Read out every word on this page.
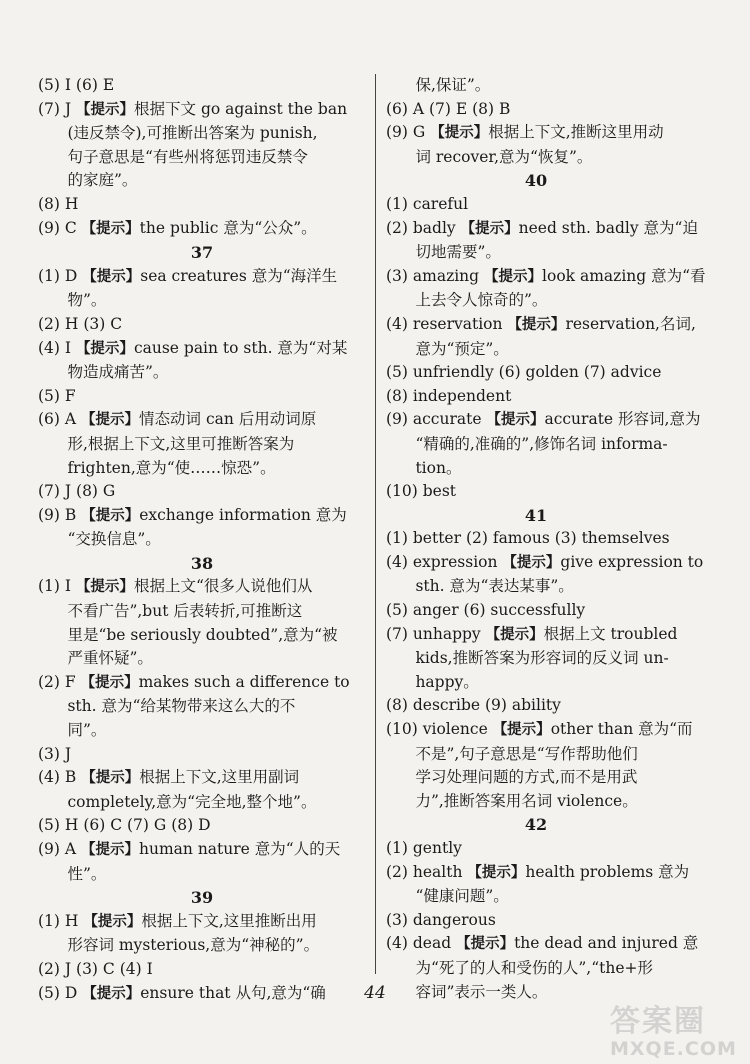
(5) I (6) E
(7) J 【提示】根据下文 go against the ban
(违反禁令),可推断出答案为 punish,
句子意思是“有些州将惩罚违反禁令
的家庭”。
(8) H
(9) C 【提示】the public 意为“公众”。
37
(1) D 【提示】sea creatures 意为“海洋生
物”。
(2) H (3) C
(4) I 【提示】cause pain to sth. 意为“对某
物造成痛苦”。
(5) F
(6) A 【提示】情态动词 can 后用动词原
形,根据上下文,这里可推断答案为
frighten,意为“使……惊恐”。
(7) J (8) G
(9) B 【提示】exchange information 意为
“交换信息”。
38
(1) I 【提示】根据上文“很多人说他们从
不看广告”,but 后表转折,可推断这
里是“be seriously doubted”,意为“被
严重怀疑”。
(2) F 【提示】makes such a difference to
sth. 意为“给某物带来这么大的不
同”。
(3) J
(4) B 【提示】根据上下文,这里用副词
completely,意为“完全地,整个地”。
(5) H (6) C (7) G (8) D
(9) A 【提示】human nature 意为“人的天
性”。
39
(1) H 【提示】根据上下文,这里推断出用
形容词 mysterious,意为“神秘的”。
(2) J (3) C (4) I
(5) D 【提示】ensure that 从句,意为“确
保,保证”。
(6) A (7) E (8) B
(9) G 【提示】根据上下文,推断这里用动
词 recover,意为“恢复”。
40
(1) careful
(2) badly 【提示】need sth. badly 意为“迫
切地需要”。
(3) amazing 【提示】look amazing 意为“看
上去令人惊奇的”。
(4) reservation 【提示】reservation,名词,
意为“预定”。
(5) unfriendly (6) golden (7) advice
(8) independent
(9) accurate 【提示】accurate 形容词,意为
“精确的,准确的”,修饰名词 informa-
tion。
(10) best
41
(1) better (2) famous (3) themselves
(4) expression 【提示】give expression to
sth. 意为“表达某事”。
(5) anger (6) successfully
(7) unhappy 【提示】根据上文 troubled
kids,推断答案为形容词的反义词 un-
happy。
(8) describe (9) ability
(10) violence 【提示】other than 意为“而
不是”,句子意思是“写作帮助他们
学习处理问题的方式,而不是用武
力”,推断答案用名词 violence。
42
(1) gently
(2) health 【提示】health problems 意为
“健康问题”。
(3) dangerous
(4) dead 【提示】the dead and injured 意
为“死了的人和受伤的人”,“the+形
容词”表示一类人。
44
答案圈
MXQE.COM
